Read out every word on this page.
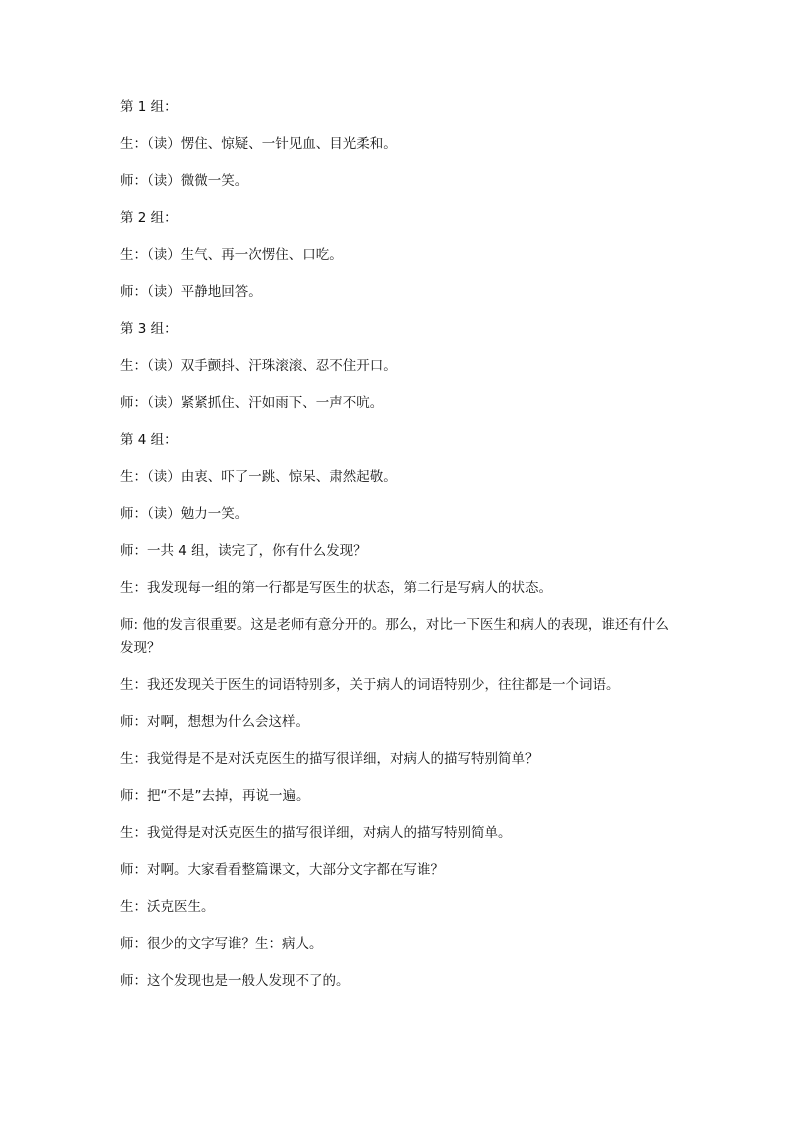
第 1 组：

生：（读）愣住、惊疑、一针见血、目光柔和。

师：（读）微微一笑。

第 2 组：

生：（读）生气、再一次愣住、口吃。

师：（读）平静地回答。

第 3 组：

生：（读）双手颤抖、汗珠滚滚、忍不住开口。

师：（读）紧紧抓住、汗如雨下、一声不吭。

第 4 组：

生：（读）由衷、吓了一跳、惊呆、肃然起敬。

师：（读）勉力一笑。

师：一共 4 组，读完了，你有什么发现？

生：我发现每一组的第一行都是写医生的状态，第二行是写病人的状态。

师: 他的发言很重要。这是老师有意分开的。那么，对比一下医生和病人的表现，谁还有什么发现？

生：我还发现关于医生的词语特别多，关于病人的词语特别少，往往都是一个词语。

师：对啊，想想为什么会这样。

生：我觉得是不是对沃克医生的描写很详细，对病人的描写特别简单？

师：把“不是”去掉，再说一遍。

生：我觉得是对沃克医生的描写很详细，对病人的描写特别简单。

师：对啊。大家看看整篇课文，大部分文字都在写谁？

生：沃克医生。

师：很少的文字写谁？生：病人。

师：这个发现也是一般人发现不了的。
